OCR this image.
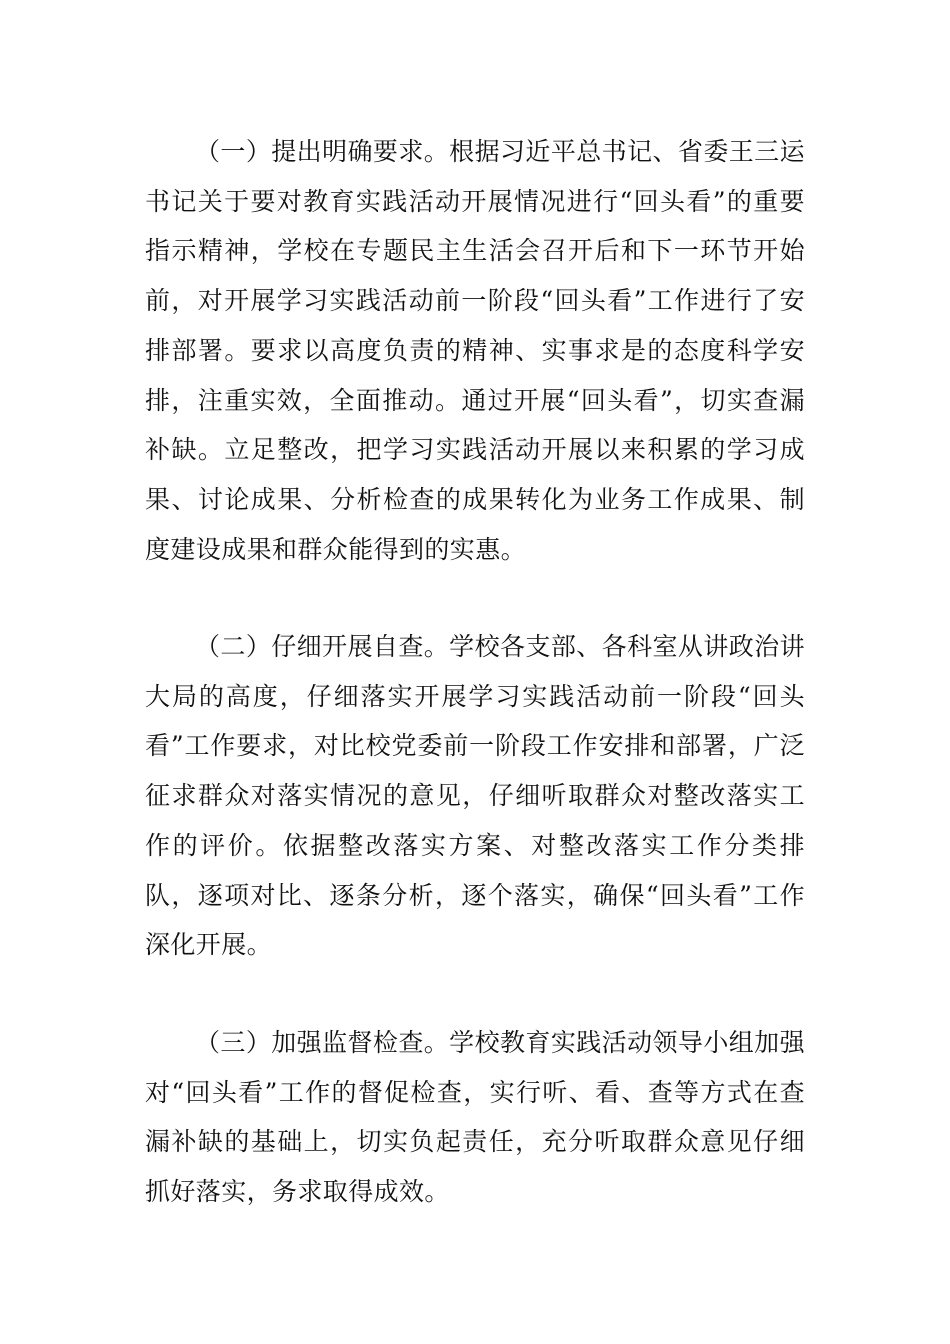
（一）提出明确要求。根据习近平总书记、省委王三运书记关于要对教育实践活动开展情况进行“回头看”的重要指示精神，学校在专题民主生活会召开后和下一环节开始前，对开展学习实践活动前一阶段“回头看”工作进行了安排部署。要求以高度负责的精神、实事求是的态度科学安排，注重实效，全面推动。通过开展“回头看”，切实查漏补缺。立足整改，把学习实践活动开展以来积累的学习成果、讨论成果、分析检查的成果转化为业务工作成果、制度建设成果和群众能得到的实惠。

（二）仔细开展自查。学校各支部、各科室从讲政治讲大局的高度，仔细落实开展学习实践活动前一阶段“回头看”工作要求，对比校党委前一阶段工作安排和部署，广泛征求群众对落实情况的意见，仔细听取群众对整改落实工作的评价。依据整改落实方案、对整改落实工作分类排队，逐项对比、逐条分析，逐个落实，确保“回头看”工作深化开展。

（三）加强监督检查。学校教育实践活动领导小组加强对“回头看”工作的督促检查，实行听、看、查等方式在查漏补缺的基础上，切实负起责任，充分听取群众意见仔细抓好落实，务求取得成效。
